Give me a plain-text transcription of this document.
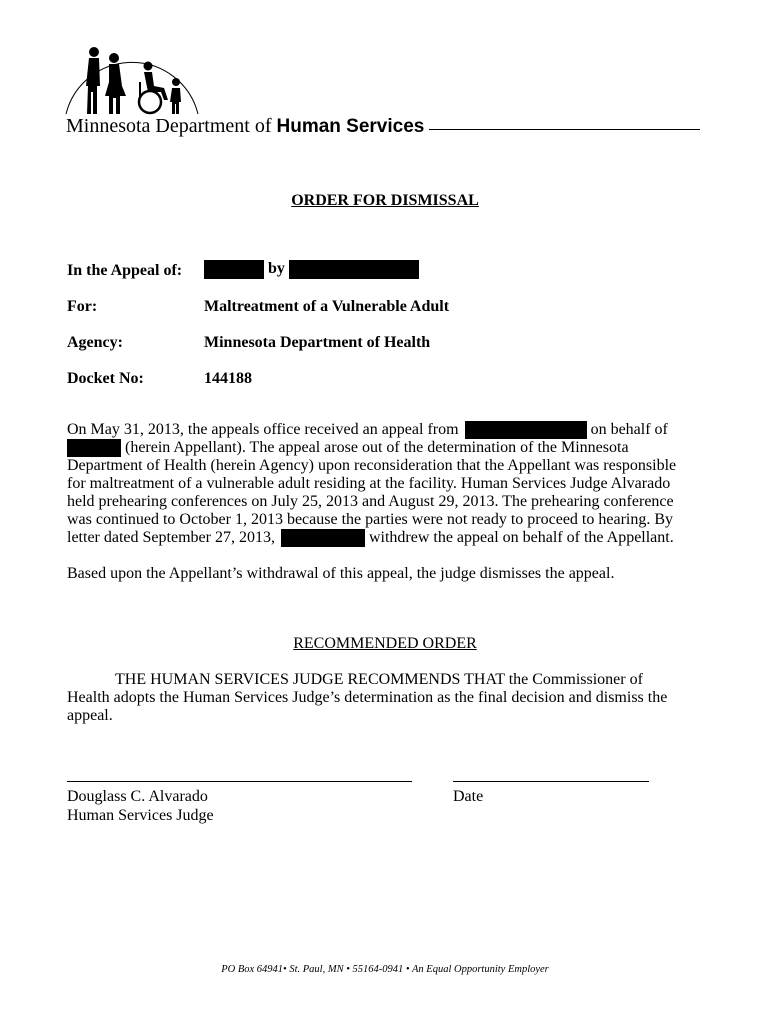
Minnesota Department of Human Services
ORDER FOR DISMISSAL
In the Appeal of:	by
For:	Maltreatment of a Vulnerable Adult
Agency:	Minnesota Department of Health
Docket No:	144188
On May 31, 2013, the appeals office received an appeal from	on behalf of
(herein Appellant). The appeal arose out of the determination of the Minnesota
Department of Health (herein Agency) upon reconsideration that the Appellant was responsible
for maltreatment of a vulnerable adult residing at the facility. Human Services Judge Alvarado
held prehearing conferences on July 25, 2013 and August 29, 2013. The prehearing conference
was continued to October 1, 2013 because the parties were not ready to proceed to hearing. By
letter dated September 27, 2013,	withdrew the appeal on behalf of the Appellant.
Based upon the Appellant’s withdrawal of this appeal, the judge dismisses the appeal.
RECOMMENDED ORDER
THE HUMAN SERVICES JUDGE RECOMMENDS THAT the Commissioner of
Health adopts the Human Services Judge’s determination as the final decision and dismiss the
appeal.
Douglass C. Alvarado
Human Services Judge
Date
PO Box 64941• St. Paul, MN • 55164-0941 • An Equal Opportunity Employer
